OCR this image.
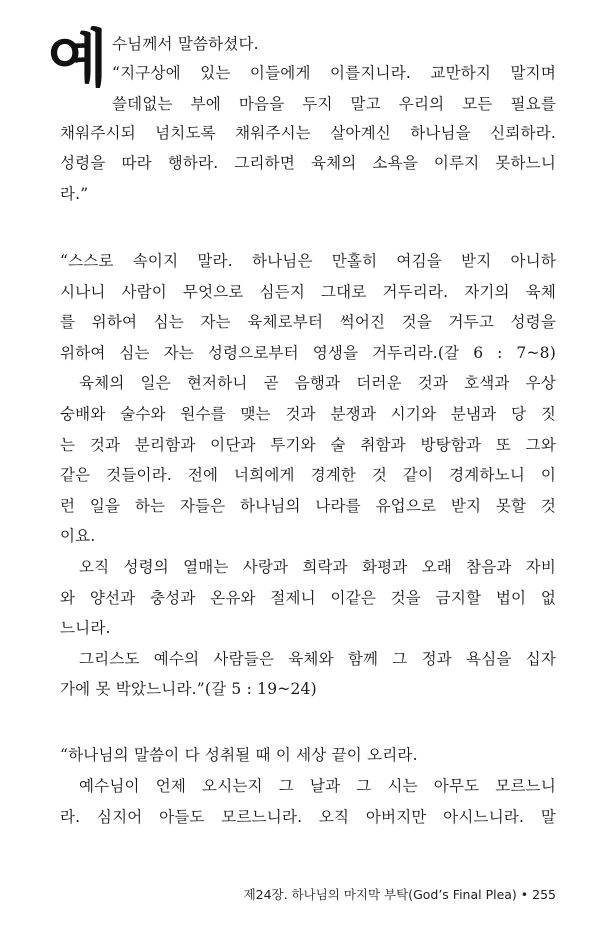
예 수님께서 말씀하셨다.
“지구상에 있는 이들에게 이를지니라. 교만하지 말지며
쓸데없는 부에 마음을 두지 말고 우리의 모든 필요를
채워주시되 넘치도록 채워주시는 살아계신 하나님을 신뢰하라.
성령을 따라 행하라. 그리하면 육체의 소욕을 이루지 못하느니
라.”
“스스로 속이지 말라. 하나님은 만홀히 여김을 받지 아니하
시나니 사람이 무엇으로 심든지 그대로 거두리라. 자기의 육체
를 위하여 심는 자는 육체로부터 썩어진 것을 거두고 성령을
위하여 심는 자는 성령으로부터 영생을 거두리라.(갈 6 : 7~8)
육체의 일은 현저하니 곧 음행과 더러운 것과 호색과 우상
숭배와 술수와 원수를 맺는 것과 분쟁과 시기와 분냄과 당 짓
는 것과 분리함과 이단과 투기와 술 취함과 방탕함과 또 그와
같은 것들이라. 전에 너희에게 경계한 것 같이 경계하노니 이
런 일을 하는 자들은 하나님의 나라를 유업으로 받지 못할 것
이요.
오직 성령의 열매는 사랑과 희락과 화평과 오래 참음과 자비
와 양선과 충성과 온유와 절제니 이같은 것을 금지할 법이 없
느니라.
그리스도 예수의 사람들은 육체와 함께 그 정과 욕심을 십자
가에 못 박았느니라.”(갈 5 : 19~24)
“하나님의 말씀이 다 성취될 때 이 세상 끝이 오리라.
예수님이 언제 오시는지 그 날과 그 시는 아무도 모르느니
라. 심지어 아들도 모르느니라. 오직 아버지만 아시느니라. 말
제24장. 하나님의 마지막 부탁(God’s Final Plea) • 255
